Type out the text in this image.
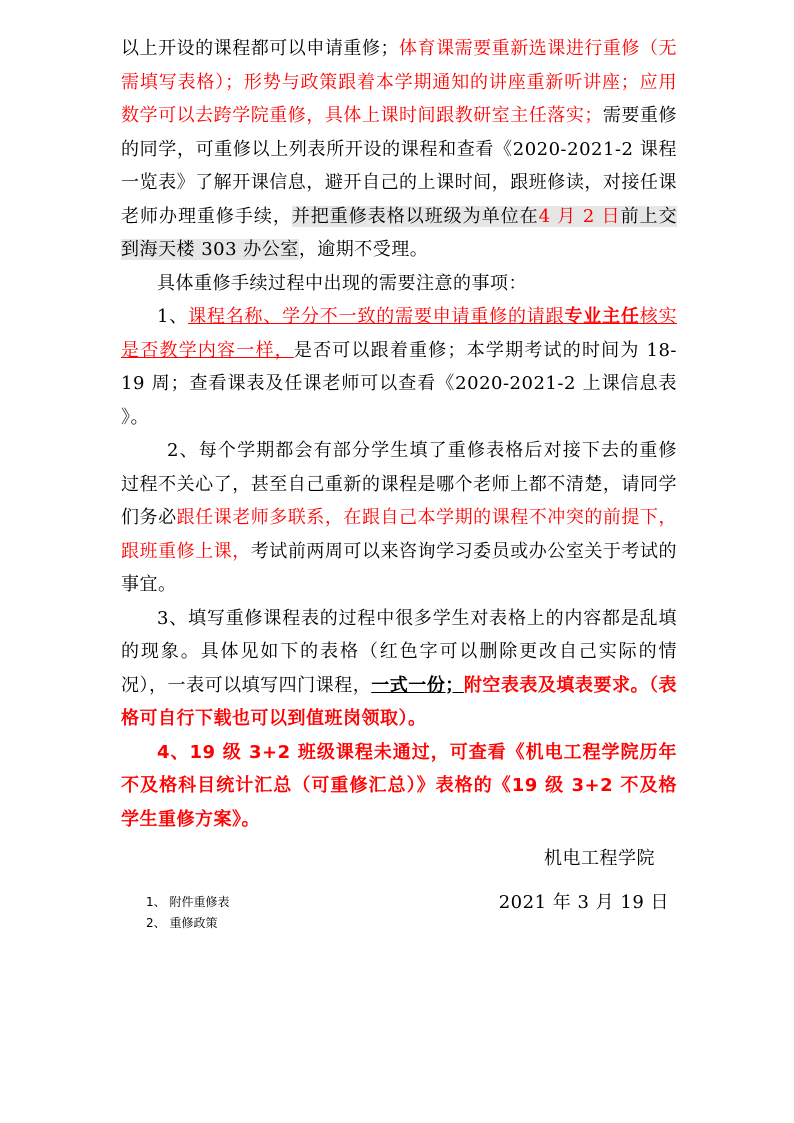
以上开设的课程都可以申请重修；体育课需要重新选课进行重修（无需填写表格）；形势与政策跟着本学期通知的讲座重新听讲座；应用数学可以去跨学院重修，具体上课时间跟教研室主任落实；需要重修的同学，可重修以上列表所开设的课程和查看《2020-2021-2 课程一览表》了解开课信息，避开自己的上课时间，跟班修读，对接任课老师办理重修手续，并把重修表格以班级为单位在4 月 2 日前上交到海天楼 303 办公室，逾期不受理。

具体重修手续过程中出现的需要注意的事项：

1、课程名称、学分不一致的需要申请重修的请跟专业主任核实是否教学内容一样，是否可以跟着重修；本学期考试的时间为 18-19 周；查看课表及任课老师可以查看《2020-2021-2 上课信息表 》。

2、每个学期都会有部分学生填了重修表格后对接下去的重修过程不关心了，甚至自己重新的课程是哪个老师上都不清楚，请同学们务必跟任课老师多联系，在跟自己本学期的课程不冲突的前提下，跟班重修上课，考试前两周可以来咨询学习委员或办公室关于考试的事宜。

3、填写重修课程表的过程中很多学生对表格上的内容都是乱填的现象。具体见如下的表格（红色字可以删除更改自己实际的情况），一表可以填写四门课程，一式一份；附空表表及填表要求。（表格可自行下载也可以到值班岗领取）。

4、19 级 3+2 班级课程未通过，可查看《机电工程学院历年不及格科目统计汇总（可重修汇总）》表格的《19 级 3+2 不及格学生重修方案》。

机电工程学院

2021 年 3 月 19 日

1、 附件重修表
2、 重修政策
